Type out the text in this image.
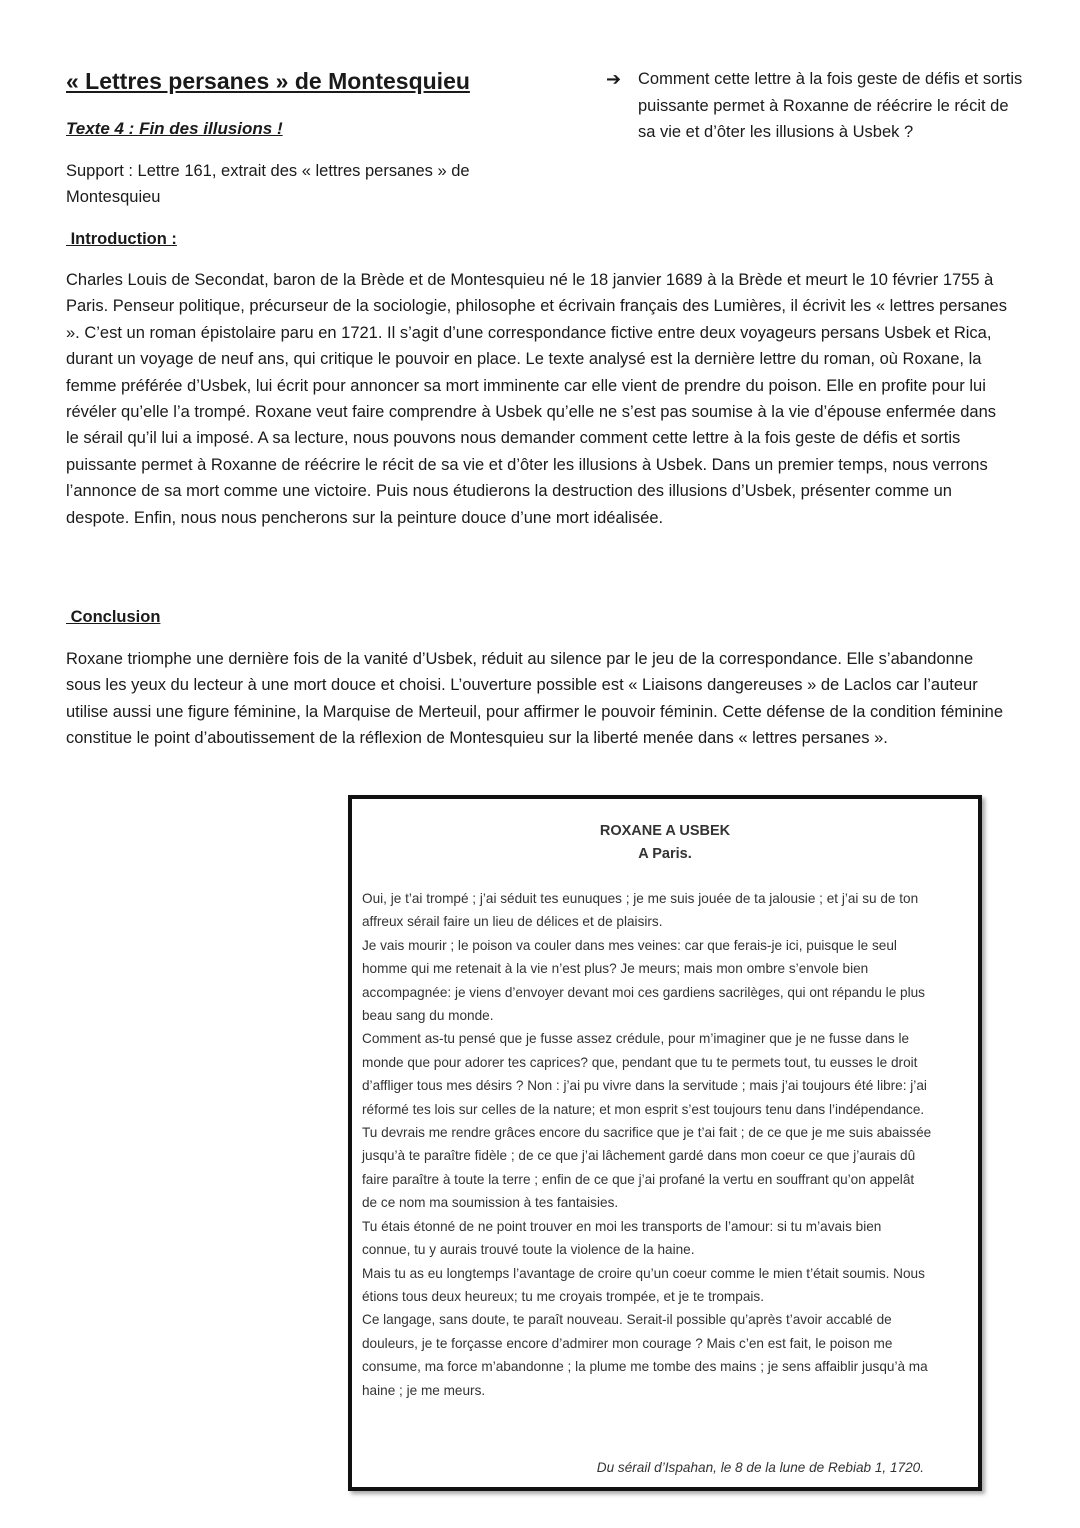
« Lettres persanes » de Montesquieu
Texte 4 : Fin des illusions !
Support : Lettre 161, extrait des « lettres persanes » de Montesquieu
➔ Comment cette lettre à la fois geste de défis et sortis puissante permet à Roxanne de réécrire le récit de sa vie et d’ôter les illusions à Usbek ?
Introduction :
Charles Louis de Secondat, baron de la Brède et de Montesquieu né le 18 janvier 1689 à la Brède et meurt le 10 février 1755 à Paris. Penseur politique, précurseur de la sociologie, philosophe et écrivain français des Lumières, il écrivit les « lettres persanes ». C’est un roman épistolaire paru en 1721. Il s’agit d’une correspondance fictive entre deux voyageurs persans Usbek et Rica, durant un voyage de neuf ans, qui critique le pouvoir en place. Le texte analysé est la dernière lettre du roman, où Roxane, la femme préférée d’Usbek, lui écrit pour annoncer sa mort imminente car elle vient de prendre du poison. Elle en profite pour lui révéler qu’elle l’a trompé. Roxane veut faire comprendre à Usbek qu’elle ne s’est pas soumise à la vie d’épouse enfermée dans le sérail qu’il lui a imposé. A sa lecture, nous pouvons nous demander comment cette lettre à la fois geste de défis et sortis puissante permet à Roxanne de réécrire le récit de sa vie et d’ôter les illusions à Usbek. Dans un premier temps, nous verrons l’annonce de sa mort comme une victoire. Puis nous étudierons la destruction des illusions d’Usbek, présenter comme un despote. Enfin, nous nous pencherons sur la peinture douce d’une mort idéalisée.
Conclusion
Roxane triomphe une dernière fois de la vanité d’Usbek, réduit au silence par le jeu de la correspondance. Elle s’abandonne sous les yeux du lecteur à une mort douce et choisi. L’ouverture possible est « Liaisons dangereuses » de Laclos car l’auteur utilise aussi une figure féminine, la Marquise de Merteuil, pour affirmer le pouvoir féminin. Cette défense de la condition féminine constitue le point d’aboutissement de la réflexion de Montesquieu sur la liberté menée dans « lettres persanes ».
ROXANE A USBEK
A Paris.

Oui, je t’ai trompé ; j’ai séduit tes eunuques ; je me suis jouée de ta jalousie ; et j’ai su de ton affreux sérail faire un lieu de délices et de plaisirs.

Je vais mourir ; le poison va couler dans mes veines: car que ferais-je ici, puisque le seul homme qui me retenait à la vie n’est plus? Je meurs; mais mon ombre s’envole bien accompagnée: je viens d’envoyer devant moi ces gardiens sacrilèges, qui ont répandu le plus beau sang du monde.

Comment as-tu pensé que je fusse assez crédule, pour m’imaginer que je ne fusse dans le monde que pour adorer tes caprices? que, pendant que tu te permets tout, tu eusses le droit d’affliger tous mes désirs ? Non : j’ai pu vivre dans la servitude ; mais j’ai toujours été libre: j’ai réformé tes lois sur celles de la nature; et mon esprit s’est toujours tenu dans l’indépendance.

Tu devrais me rendre grâces encore du sacrifice que je t’ai fait ; de ce que je me suis abaissée jusqu’à te paraître fidèle ; de ce que j’ai lâchement gardé dans mon coeur ce que j’aurais dû faire paraître à toute la terre ; enfin de ce que j’ai profané la vertu en souffrant qu’on appelât de ce nom ma soumission à tes fantaisies.

Tu étais étonné de ne point trouver en moi les transports de l’amour: si tu m’avais bien connue, tu y aurais trouvé toute la violence de la haine.

Mais tu as eu longtemps l’avantage de croire qu’un coeur comme le mien t’était soumis. Nous étions tous deux heureux; tu me croyais trompée, et je te trompais.

Ce langage, sans doute, te paraît nouveau. Serait-il possible qu’après t’avoir accablé de douleurs, je te forçasse encore d’admirer mon courage ? Mais c’en est fait, le poison me consume, ma force m’abandonne ; la plume me tombe des mains ; je sens affaiblir jusqu’à ma haine ; je me meurs.

Du sérail d’Ispahan, le 8 de la lune de Rebiab 1, 1720.
